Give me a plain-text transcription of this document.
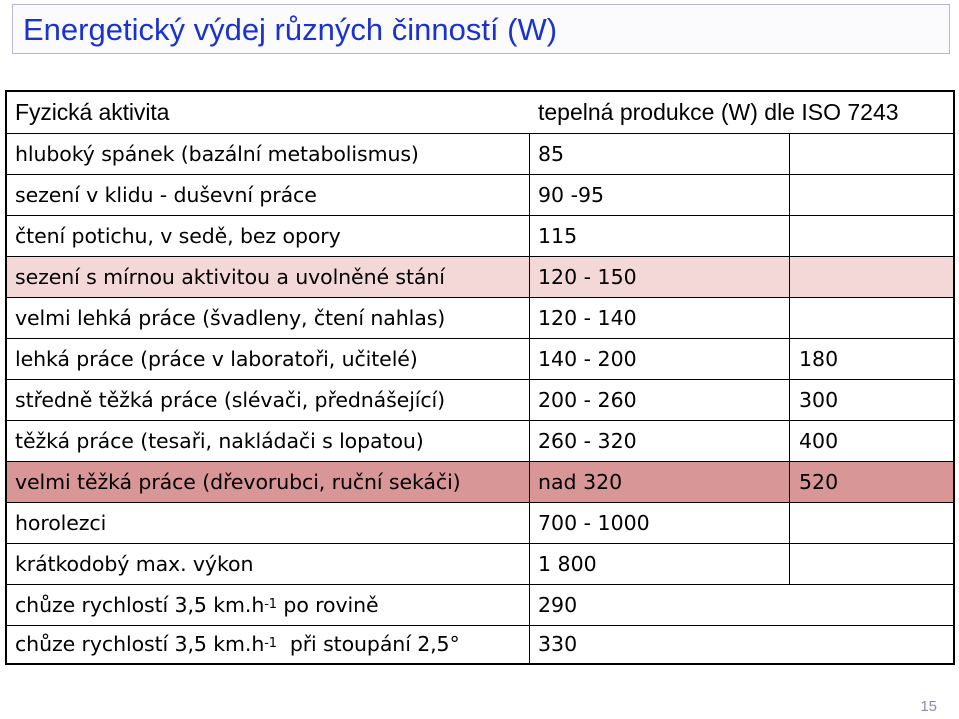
Energetický výdej různých činností (W)
Fyzická aktivita	tepelná produkce (W) dle ISO 7243
hluboký spánek (bazální metabolismus)	85
sezení v klidu - duševní práce	90 -95
čtení potichu, v sedě, bez opory	115
sezení s mírnou aktivitou a uvolněné stání	120 - 150
velmi lehká práce (švadleny, čtení nahlas)	120 - 140
lehká práce (práce v laboratoři, učitelé)	140 - 200	180
středně těžká práce (slévači, přednášející)	200 - 260	300
těžká práce (tesaři, nakládači s lopatou)	260 - 320	400
velmi těžká práce (dřevorubci, ruční sekáči)	nad 320	520
horolezci	700 - 1000
krátkodobý max. výkon	1 800
chůze rychlostí 3,5 km.h -1 po rovině	290
chůze rychlostí 3,5 km.h -1 při stoupání 2,5°	330
15
